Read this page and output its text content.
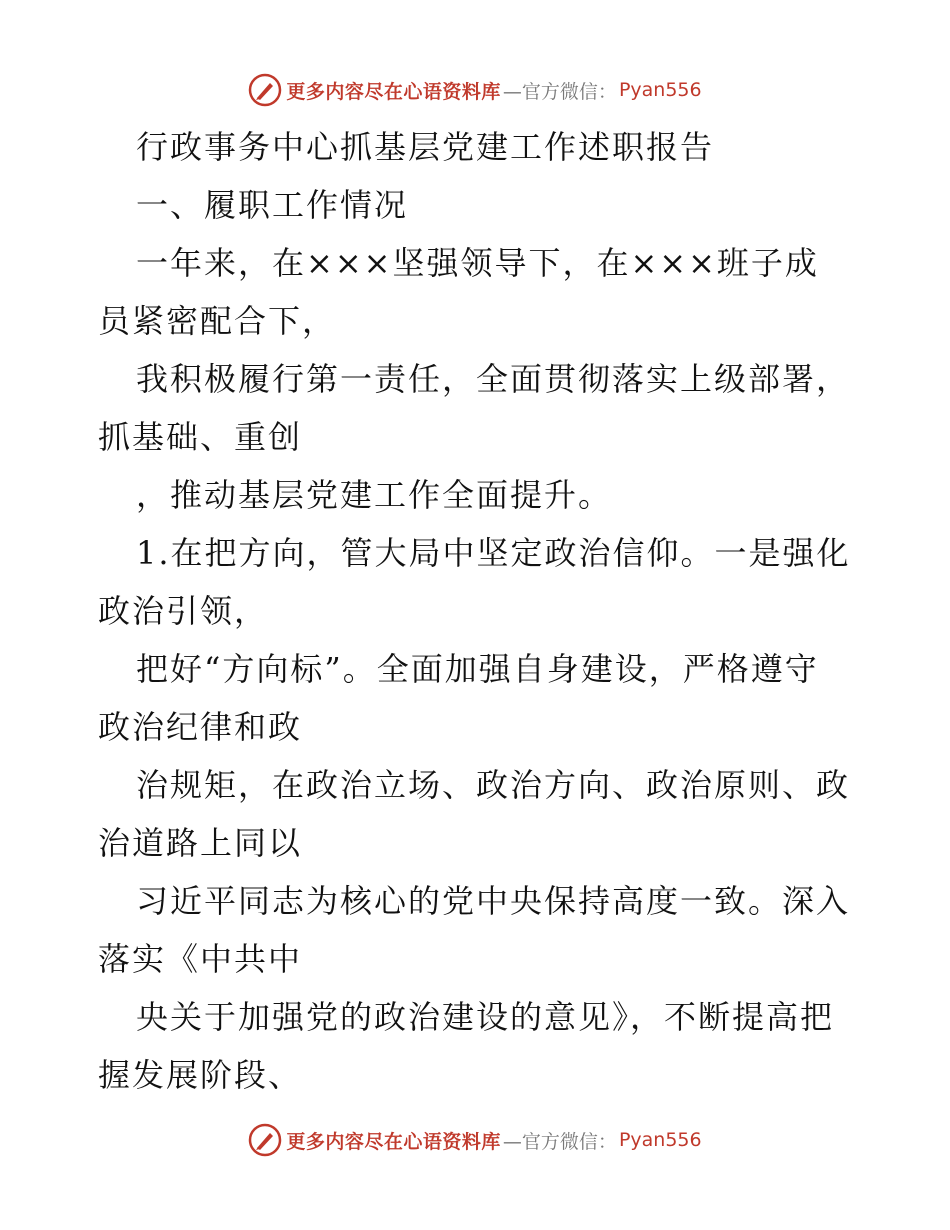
更多内容尽在心语资料库 —官方微信： Pyan556
行政事务中心抓基层党建工作述职报告
一、履职工作情况
一年来，在×××坚强领导下，在×××班子成
员紧密配合下，
我积极履行第一责任，全面贯彻落实上级部署，
抓基础、重创
，推动基层党建工作全面提升。
1.在把方向，管大局中坚定政治信仰。一是强化
政治引领，
把好“方向标”。全面加强自身建设，严格遵守
政治纪律和政
治规矩，在政治立场、政治方向、政治原则、政
治道路上同以
习近平同志为核心的党中央保持高度一致。深入
落实《中共中
央关于加强党的政治建设的意见》，不断提高把
握发展阶段、
更多内容尽在心语资料库 —官方微信： Pyan556
